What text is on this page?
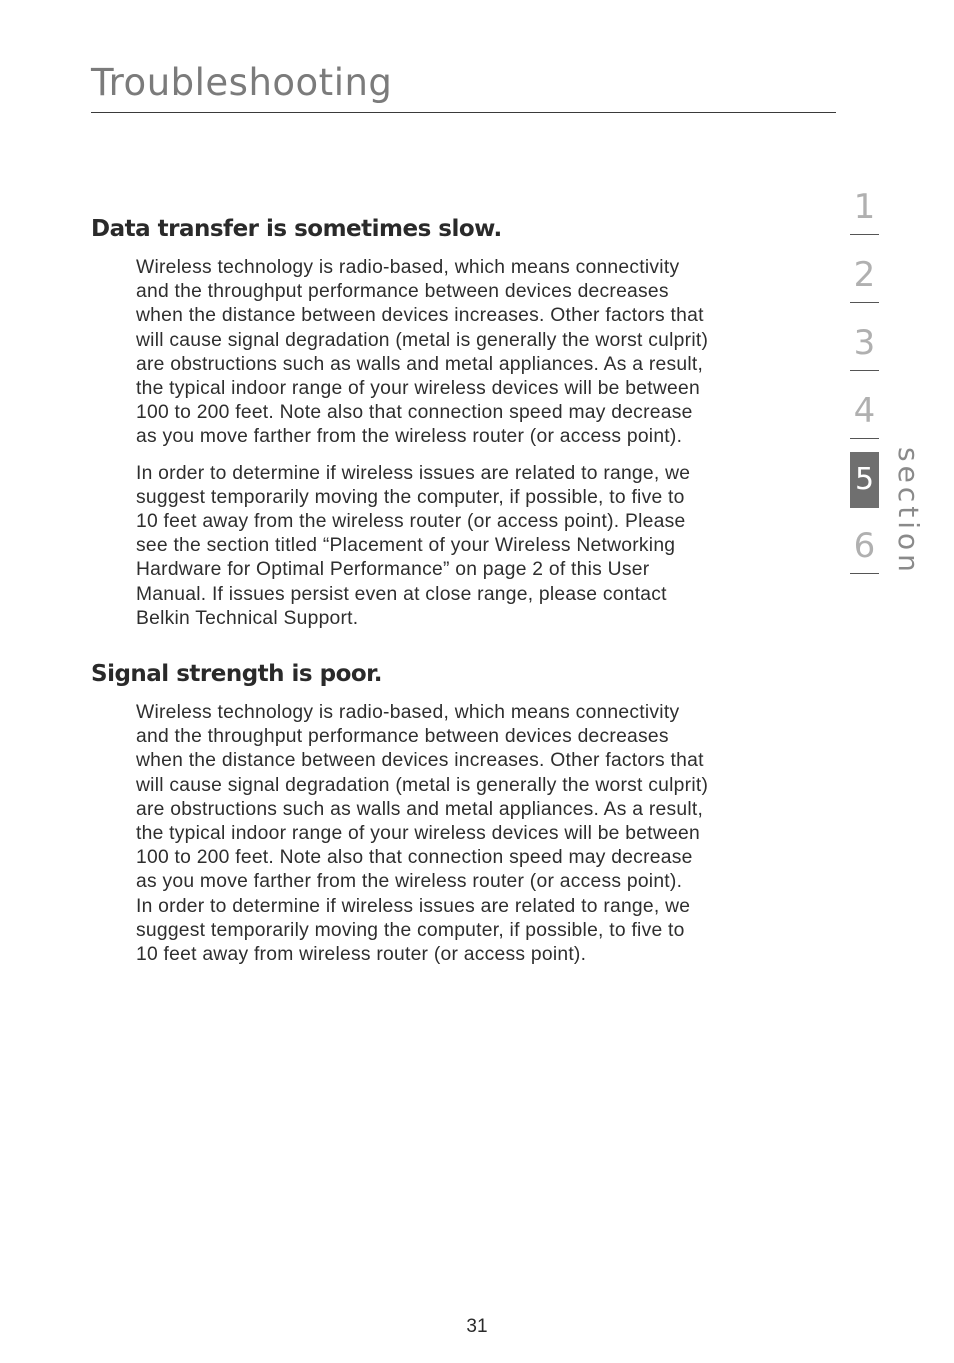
Troubleshooting
Data transfer is sometimes slow.

Wireless technology is radio-based, which means connectivity
and the throughput performance between devices decreases
when the distance between devices increases. Other factors that
will cause signal degradation (metal is generally the worst culprit)
are obstructions such as walls and metal appliances. As a result,
the typical indoor range of your wireless devices will be between
100 to 200 feet. Note also that connection speed may decrease
as you move farther from the wireless router (or access point).

In order to determine if wireless issues are related to range, we
suggest temporarily moving the computer, if possible, to five to
10 feet away from the wireless router (or access point). Please
see the section titled “Placement of your Wireless Networking
Hardware for Optimal Performance” on page 2 of this User
Manual. If issues persist even at close range, please contact
Belkin Technical Support.

Signal strength is poor.

Wireless technology is radio-based, which means connectivity
and the throughput performance between devices decreases
when the distance between devices increases. Other factors that
will cause signal degradation (metal is generally the worst culprit)
are obstructions such as walls and metal appliances. As a result,
the typical indoor range of your wireless devices will be between
100 to 200 feet. Note also that connection speed may decrease
as you move farther from the wireless router (or access point).
In order to determine if wireless issues are related to range, we
suggest temporarily moving the computer, if possible, to five to
10 feet away from wireless router (or access point).

1
2
3
4
5
6 section
31
